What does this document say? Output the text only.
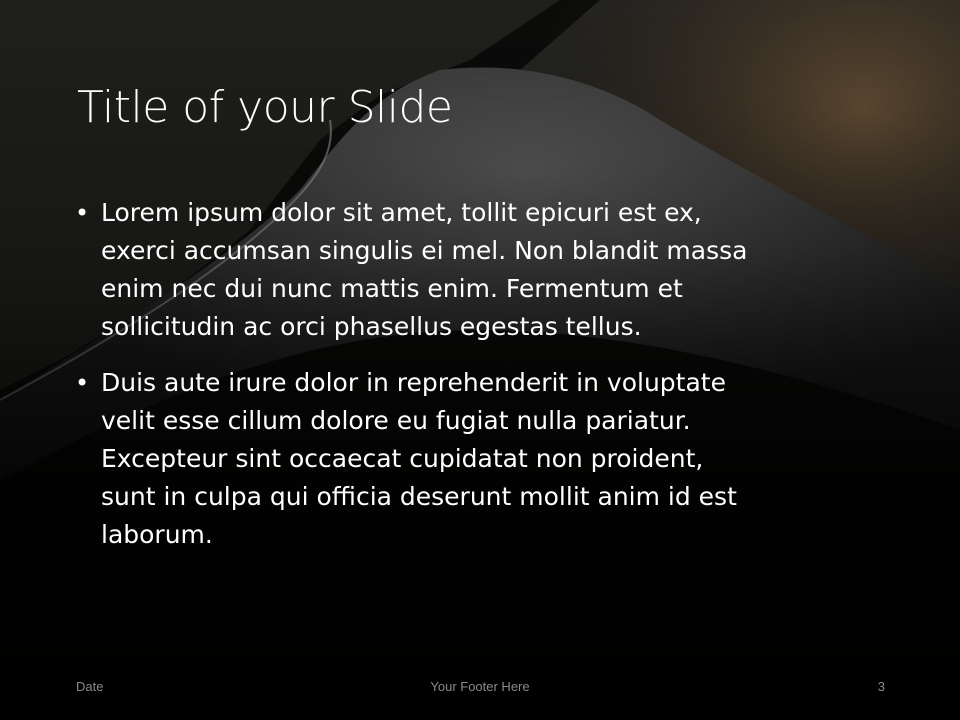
Title of your Slide
• Lorem ipsum dolor sit amet, tollit epicuri est ex,
exerci accumsan singulis ei mel. Non blandit massa
enim nec dui nunc mattis enim. Fermentum et
sollicitudin ac orci phasellus egestas tellus.
• Duis aute irure dolor in reprehenderit in voluptate
velit esse cillum dolore eu fugiat nulla pariatur.
Excepteur sint occaecat cupidatat non proident,
sunt in culpa qui officia deserunt mollit anim id est
laborum.
Date	Your Footer Here	3
